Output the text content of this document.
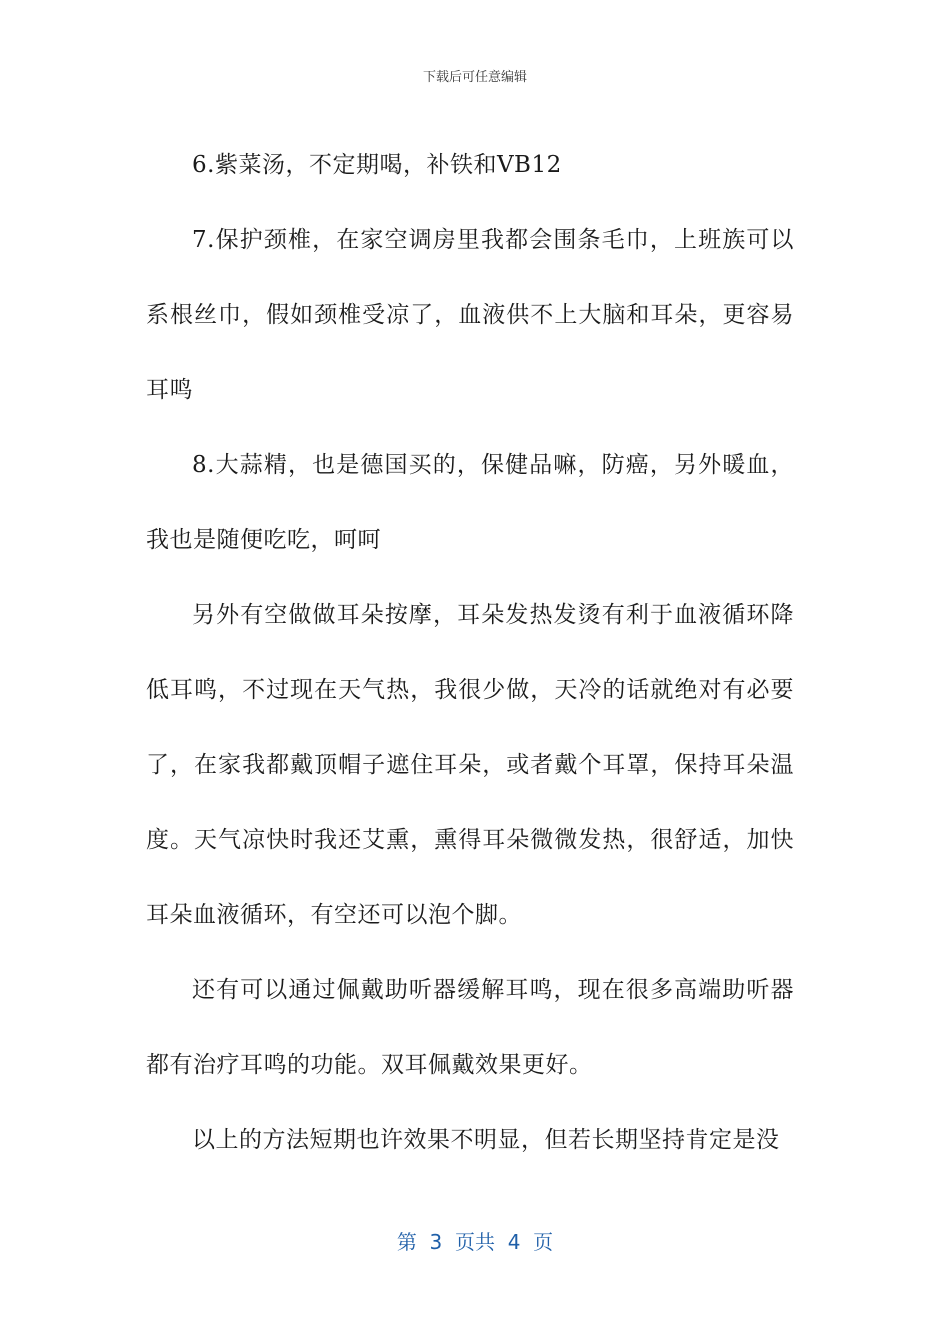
下载后可任意编辑

6.紫菜汤，不定期喝，补铁和VB12

7.保护颈椎，在家空调房里我都会围条毛巾，上班族可以系根丝巾，假如颈椎受凉了，血液供不上大脑和耳朵，更容易耳鸣

8.大蒜精，也是德国买的，保健品嘛，防癌，另外暖血，我也是随便吃吃，呵呵

另外有空做做耳朵按摩，耳朵发热发烫有利于血液循环降低耳鸣，不过现在天气热，我很少做，天冷的话就绝对有必要了，在家我都戴顶帽子遮住耳朵，或者戴个耳罩，保持耳朵温度。天气凉快时我还艾熏，熏得耳朵微微发热，很舒适，加快耳朵血液循环，有空还可以泡个脚。

还有可以通过佩戴助听器缓解耳鸣，现在很多高端助听器都有治疗耳鸣的功能。双耳佩戴效果更好。

以上的方法短期也许效果不明显，但若长期坚持肯定是没

第  3  页共  4  页
